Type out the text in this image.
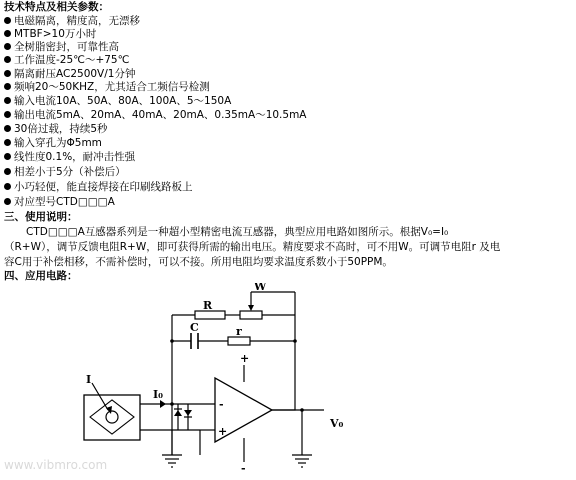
技术特点及相关参数：
电磁隔离，精度高，无漂移
MTBF>10万小时
全树脂密封，可靠性高
工作温度-25℃～+75℃
隔离耐压AC2500V/1分钟
频响20～50KHZ，尤其适合工频信号检测
输入电流10A、50A、80A、100A、5～150A
输出电流5mA、20mA、40mA、20mA、0.35mA～10.5mA
30倍过载，持续5秒
输入穿孔为Φ5mm
线性度0.1%，耐冲击性强
相差小于5分（补偿后）
小巧轻便，能直接焊接在印刷线路板上
对应型号CTD□□□A
三、使用说明：
CTD□□□A互感器系列是一种超小型精密电流互感器，典型应用电路如图所示。根据V₀=I₀
（R+W），调节反馈电阻R+W，即可获得所需的输出电压。精度要求不高时，可不用W。可调节电阻r 及电
容C用于补偿相移，不需补偿时，可以不接。所用电阻均要求温度系数小于50PPM。
四、应用电路：
W
R
C	r
+
-
+
-
I
I₀
V₀
www.vibmro.com
